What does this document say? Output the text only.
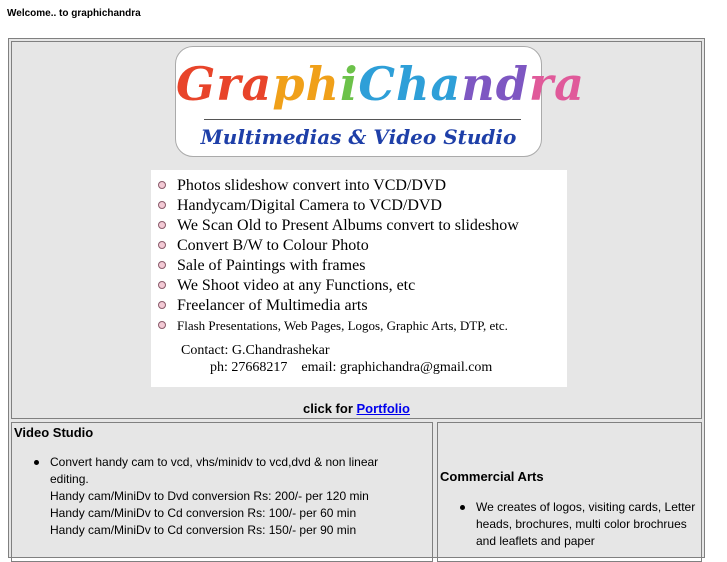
Welcome.. to graphichandra
GraphiChandra
Multimedias & Video Studio
Photos slideshow convert into VCD/DVD
Handycam/Digital Camera to VCD/DVD
We Scan Old to Present Albums convert to slideshow
Convert B/W to Colour Photo
Sale of Paintings with frames
We Shoot video at any Functions, etc
Freelancer of Multimedia arts
Flash Presentations, Web Pages, Logos, Graphic Arts, DTP, etc.
Contact: G.Chandrashekar
ph: 27668217 email: graphichandra@gmail.com
click for Portfolio
Video Studio
Convert handy cam to vcd, vhs/minidv to vcd,dvd & non linear editing.
Handy cam/MiniDv to Dvd conversion Rs: 200/- per 120 min
Handy cam/MiniDv to Cd conversion Rs: 100/- per 60 min
Handy cam/MiniDv to Cd conversion Rs: 150/- per 90 min
Commercial Arts
We creates of logos, visiting cards, Letter heads, brochures, multi color brochrues and leaflets and paper
